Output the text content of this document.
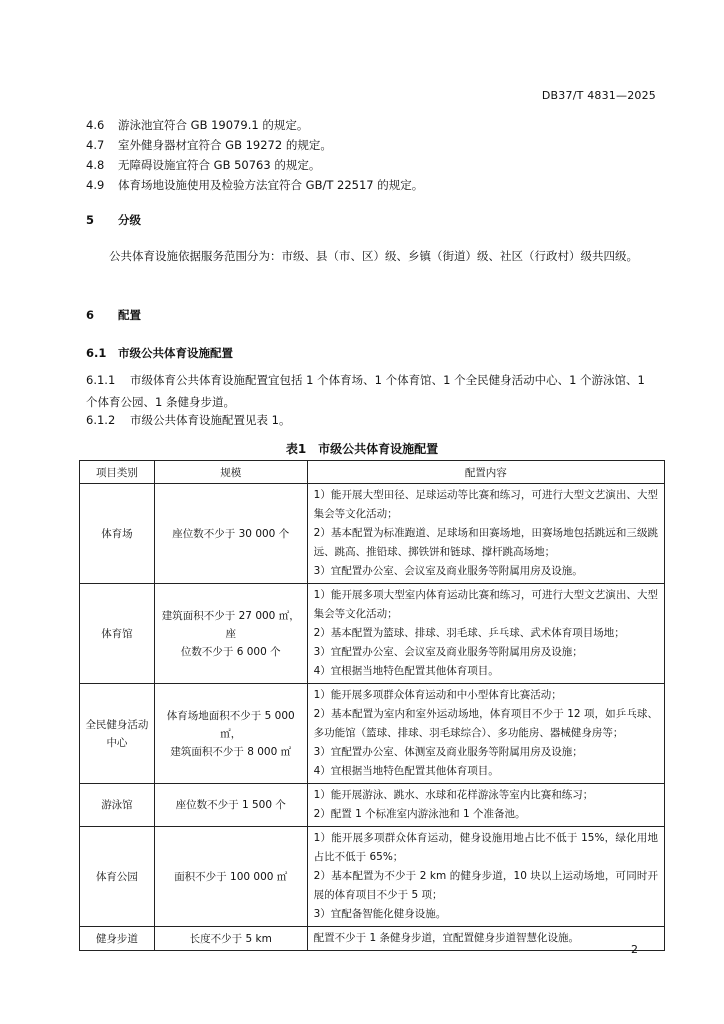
DB37/T 4831—2025
4.6 游泳池宜符合 GB 19079.1 的规定。
4.7 室外健身器材宜符合 GB 19272 的规定。
4.8 无障碍设施宜符合 GB 50763 的规定。
4.9 体育场地设施使用及检验方法宜符合 GB/T 22517 的规定。
5 分级
公共体育设施依据服务范围分为：市级、县（市、区）级、乡镇（街道）级、社区（行政村）级共四级。
6 配置
6.1 市级公共体育设施配置
6.1.1 市级体育公共体育设施配置宜包括 1 个体育场、1 个体育馆、1 个全民健身活动中心、1 个游泳馆、1 个体育公园、1 条健身步道。
6.1.2 市级公共体育设施配置见表 1。
表1　市级公共体育设施配置
项目类别	规模	配置内容
体育场	座位数不少于 30 000 个	1）能开展大型田径、足球运动等比赛和练习，可进行大型文艺演出、大型集会等文化活动；
2）基本配置为标准跑道、足球场和田赛场地，田赛场地包括跳远和三级跳远、跳高、推铅球、掷铁饼和链球、撑杆跳高场地；
3）宜配置办公室、会议室及商业服务等附属用房及设施。

体育馆	建筑面积不少于 27 000 ㎡，座
位数不少于 6 000 个	1）能开展多项大型室内体育运动比赛和练习，可进行大型文艺演出、大型集会等文化活动；
2）基本配置为篮球、排球、羽毛球、乒乓球、武术体育项目场地；
3）宜配置办公室、会议室及商业服务等附属用房及设施；
4）宜根据当地特色配置其他体育项目。

全民健身活动中心	体育场地面积不少于 5 000 ㎡，
建筑面积不少于 8 000 ㎡	1）能开展多项群众体育运动和中小型体育比赛活动；
2）基本配置为室内和室外运动场地，体育项目不少于 12 项，如乒乓球、多功能馆（篮球、排球、羽毛球综合）、多功能房、器械健身房等；
3）宜配置办公室、体测室及商业服务等附属用房及设施；
4）宜根据当地特色配置其他体育项目。

游泳馆	座位数不少于 1 500 个	1）能开展游泳、跳水、水球和花样游泳等室内比赛和练习；
2）配置 1 个标准室内游泳池和 1 个准备池。

体育公园	面积不少于 100 000 ㎡	1）能开展多项群众体育运动，健身设施用地占比不低于 15%，绿化用地占比不低于 65%；
2）基本配置为不少于 2 km 的健身步道，10 块以上运动场地，可同时开展的体育项目不少于 5 项；
3）宜配备智能化健身设施。

健身步道	长度不少于 5 km	配置不少于 1 条健身步道，宜配置健身步道智慧化设施。
2
